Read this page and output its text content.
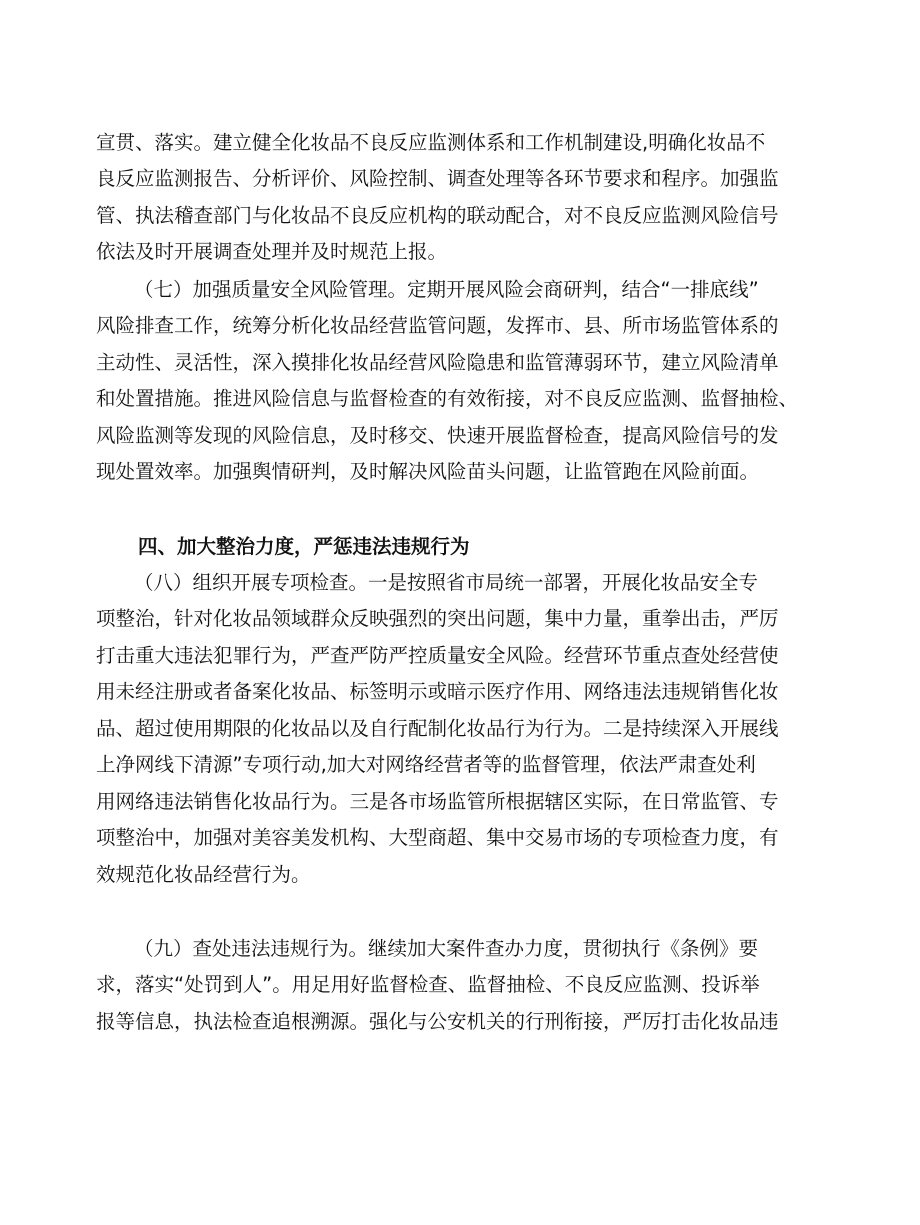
宣贯、落实。建立健全化妆品不良反应监测体系和工作机制建设,明确化妆品不
良反应监测报告、分析评价、风险控制、调查处理等各环节要求和程序。加强监
管、执法稽查部门与化妆品不良反应机构的联动配合，对不良反应监测风险信号
依法及时开展调查处理并及时规范上报。
（七）加强质量安全风险管理。定期开展风险会商研判，结合“一排底线”
风险排查工作，统筹分析化妆品经营监管问题，发挥市、县、所市场监管体系的
主动性、灵活性，深入摸排化妆品经营风险隐患和监管薄弱环节，建立风险清单
和处置措施。推进风险信息与监督检查的有效衔接，对不良反应监测、监督抽检、
风险监测等发现的风险信息，及时移交、快速开展监督检查，提高风险信号的发
现处置效率。加强舆情研判，及时解决风险苗头问题，让监管跑在风险前面。
四、加大整治力度，严惩违法违规行为
（八）组织开展专项检查。一是按照省市局统一部署，开展化妆品安全专
项整治，针对化妆品领域群众反映强烈的突出问题，集中力量，重拳出击，严厉
打击重大违法犯罪行为，严查严防严控质量安全风险。经营环节重点查处经营使
用未经注册或者备案化妆品、标签明示或暗示医疗作用、网络违法违规销售化妆
品、超过使用期限的化妆品以及自行配制化妆品行为行为。二是持续深入开展线
上净网线下清源”专项行动,加大对网络经营者等的监督管理，依法严肃查处利
用网络违法销售化妆品行为。三是各市场监管所根据辖区实际，在日常监管、专
项整治中，加强对美容美发机构、大型商超、集中交易市场的专项检查力度，有
效规范化妆品经营行为。
（九）查处违法违规行为。继续加大案件查办力度，贯彻执行《条例》要
求，落实“处罚到人”。用足用好监督检查、监督抽检、不良反应监测、投诉举
报等信息，执法检查追根溯源。强化与公安机关的行刑衔接，严厉打击化妆品违
